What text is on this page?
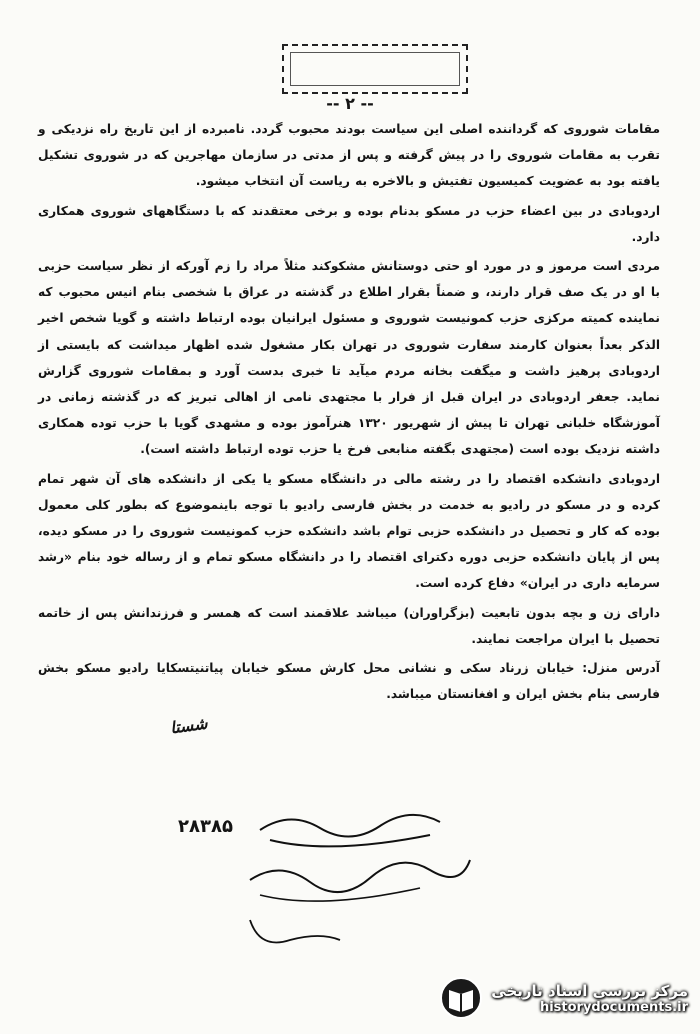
-- ۲ --

مقامات شوروی که گرداننده اصلی این سیاست بودند محبوب گردد. نامبرده از این تاریخ راه نزدیکی و تقرب به مقامات شوروی را در پیش گرفته و پس از مدتی در سازمان مهاجرین که در شوروی تشکیل یافته بود به عضویت کمیسیون تفتیش و بالاخره به ریاست آن انتخاب میشود.

اردوبادی در بین اعضاء حزب در مسکو بدنام بوده و برخی معتقدند که با دستگاههای شوروی همکاری دارد.

مردی است مرموز و در مورد او حتی دوستانش مشکوکند مثلاً مراد را زم آورکه از نظر سیاست حزبی با او در یک صف قرار دارند، و ضمناً بقرار اطلاع در گذشته در عراق با شخصی بنام انیس محبوب که نماینده کمیته مرکزی حزب کمونیست شوروی و مسئول ایرانیان بوده ارتباط داشته و گویا شخص اخیر الذکر بعداً بعنوان کارمند سفارت شوروی در تهران بکار مشغول شده اظهار میداشت که بایستی از اردوبادی پرهیز داشت و میگفت بخانه مردم میآید تا خبری بدست آورد و بمقامات شوروی گزارش نماید. جعفر اردوبادی در ایران قبل از فرار با مجتهدی نامی از اهالی تبریز که در گذشته زمانی در آموزشگاه خلبانی تهران تا پیش از شهریور ۱۳۲۰ هنرآموز بوده و مشهدی گویا با حزب توده همکاری داشته نزدیک بوده است (مجتهدی بگفته منابعی فرخ یا حزب توده ارتباط داشته است).

اردوبادی دانشکده اقتصاد را در رشته مالی در دانشگاه مسکو یا یکی از دانشکده های آن شهر تمام کرده و در مسکو در رادیو به خدمت در بخش فارسی رادیو با توجه باینموضوع که بطور کلی معمول بوده که کار و تحصیل در دانشکده حزبی توام باشد دانشکده حزب کمونیست شوروی را در مسکو دیده، پس از پایان دانشکده حزبی دوره دکترای اقتصاد را در دانشگاه مسکو تمام و از رساله خود بنام «رشد سرمایه داری در ایران» دفاع کرده است.

دارای زن و بچه بدون تابعیت (بزگراوران) میباشد علاقمند است که همسر و فرزندانش پس از خاتمه تحصیل با ایران مراجعت نمایند.

آدرس منزل: خیابان زرناد سکی و نشانی محل کارش مسکو خیابان پیاتنیتسکایا رادیو مسکو بخش فارسی بنام بخش ایران و افغانستان میباشد.

شستا
۲۸۳۸۵
مرکز بررسی اسناد تاریخی
historydocuments.ir
